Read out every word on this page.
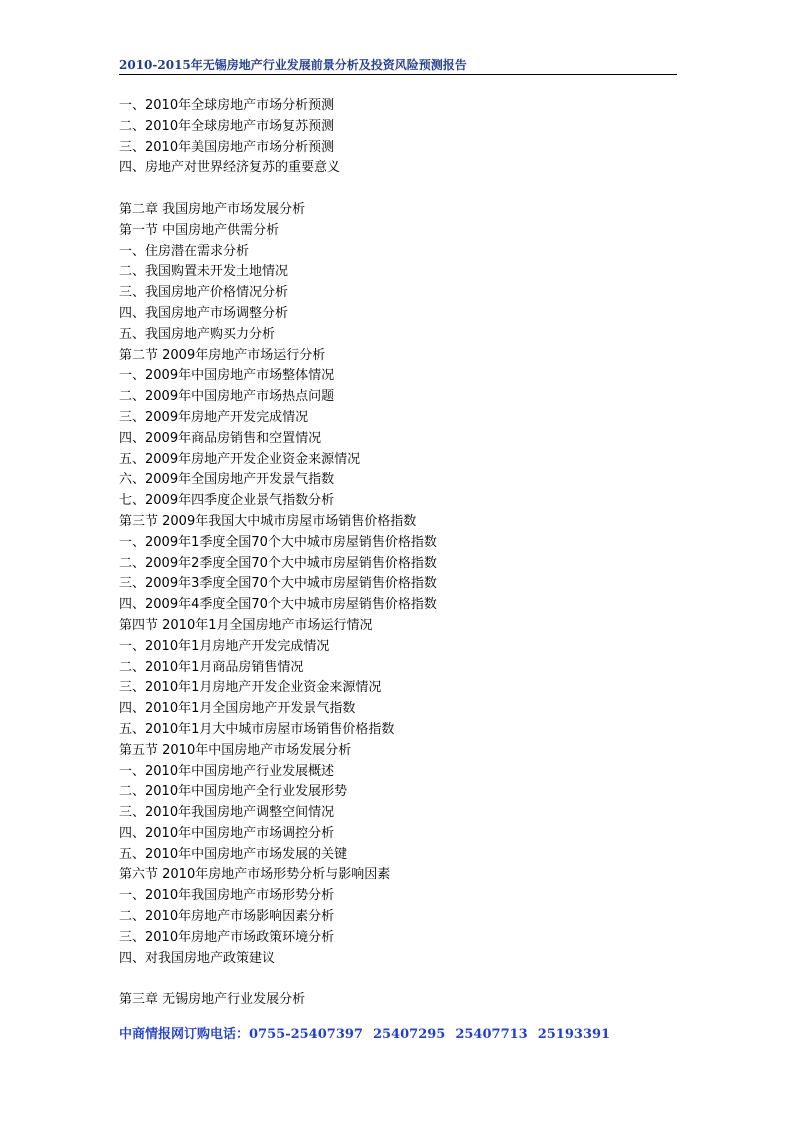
2010-2015年无锡房地产行业发展前景分析及投资风险预测报告
一、2010年全球房地产市场分析预测
二、2010年全球房地产市场复苏预测
三、2010年美国房地产市场分析预测
四、房地产对世界经济复苏的重要意义
第二章 我国房地产市场发展分析
第一节 中国房地产供需分析
一、住房潜在需求分析
二、我国购置未开发土地情况
三、我国房地产价格情况分析
四、我国房地产市场调整分析
五、我国房地产购买力分析
第二节 2009年房地产市场运行分析
一、2009年中国房地产市场整体情况
二、2009年中国房地产市场热点问题
三、2009年房地产开发完成情况
四、2009年商品房销售和空置情况
五、2009年房地产开发企业资金来源情况
六、2009年全国房地产开发景气指数
七、2009年四季度企业景气指数分析
第三节 2009年我国大中城市房屋市场销售价格指数
一、2009年1季度全国70个大中城市房屋销售价格指数
二、2009年2季度全国70个大中城市房屋销售价格指数
三、2009年3季度全国70个大中城市房屋销售价格指数
四、2009年4季度全国70个大中城市房屋销售价格指数
第四节 2010年1月全国房地产市场运行情况
一、2010年1月房地产开发完成情况
二、2010年1月商品房销售情况
三、2010年1月房地产开发企业资金来源情况
四、2010年1月全国房地产开发景气指数
五、2010年1月大中城市房屋市场销售价格指数
第五节 2010年中国房地产市场发展分析
一、2010年中国房地产行业发展概述
二、2010年中国房地产全行业发展形势
三、2010年我国房地产调整空间情况
四、2010年中国房地产市场调控分析
五、2010年中国房地产市场发展的关键
第六节 2010年房地产市场形势分析与影响因素
一、2010年我国房地产市场形势分析
二、2010年房地产市场影响因素分析
三、2010年房地产市场政策环境分析
四、对我国房地产政策建议
第三章 无锡房地产行业发展分析
中商情报网订购电话：0755-25407397 25407295 25407713 25193391
